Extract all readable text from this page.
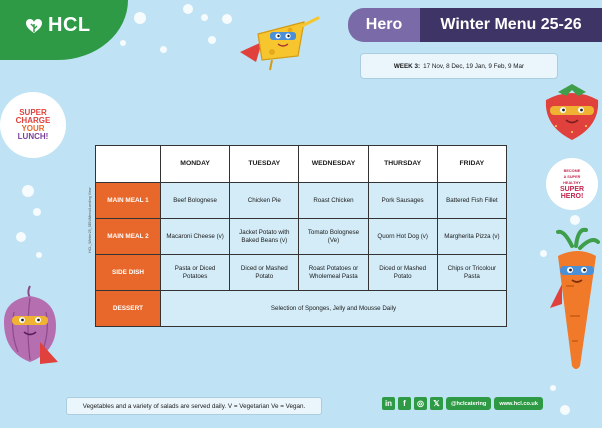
HCL	Hero	Winter Menu 25-26
WEEK 3: 17 Nov, 8 Dec, 19 Jan, 9 Feb, 9 Mar
SUPER
CHARGE
YOUR
LUNCH!
BECOME
A SUPER
HEALTHY
SUPER
HERO!
HCL_Winter25_SEN/Menu/Landing View
	MONDAY	TUESDAY	WEDNESDAY	THURSDAY	FRIDAY
MAIN MEAL 1	Beef Bolognese	Chicken Pie	Roast Chicken	Pork Sausages	Battered Fish Fillet
MAIN MEAL 2	Macaroni Cheese (v)	Jacket Potato with Baked Beans (v)	Tomato Bolognese (Ve)	Quorn Hot Dog (v)	Margherita Pizza (v)
SIDE DISH	Pasta or Diced Potatoes	Diced or Mashed Potato	Roast Potatoes or Wholemeal Pasta	Diced or Mashed Potato	Chips or Tricolour Pasta
DESSERT	Selection of Sponges, Jelly and Mousse Daily				
Vegetables and a variety of salads are served daily. V = Vegetarian Ve = Vegan.	in	f	◎	𝕏	@hclcatering	www.hcl.co.uk
